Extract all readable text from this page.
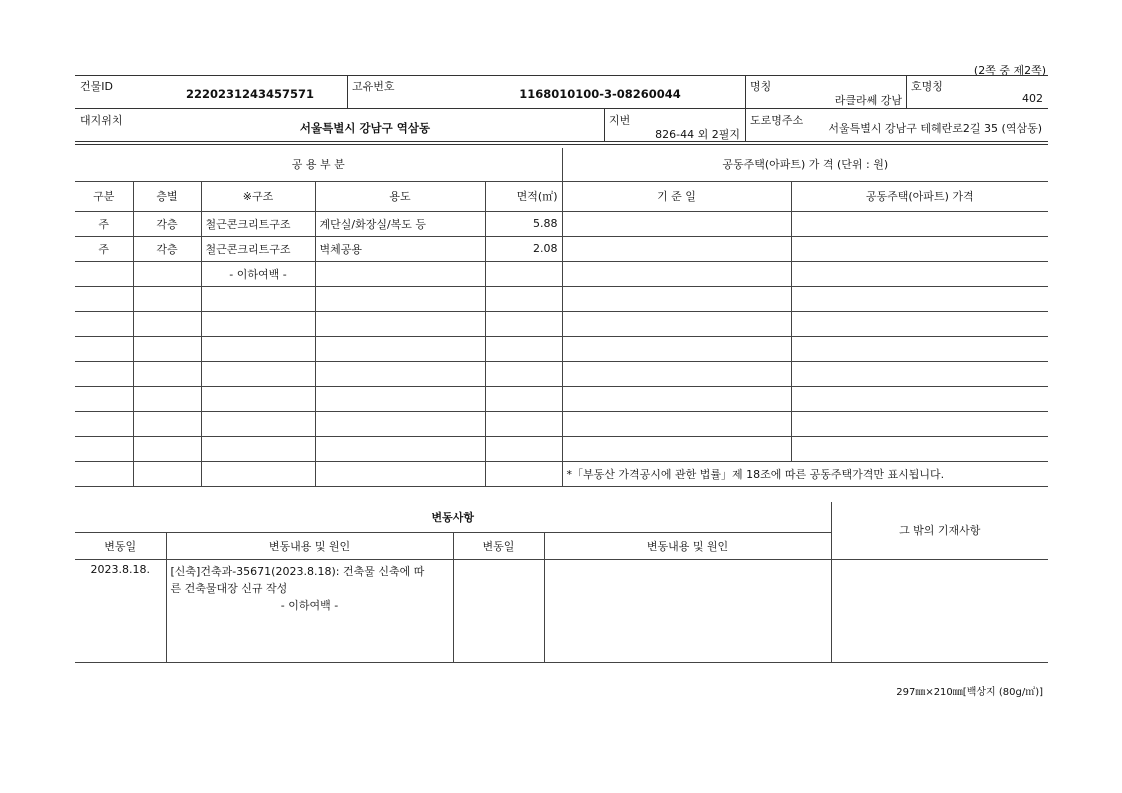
(2쪽 중 제2쪽)
건물ID
2220231243457571
고유번호
1168010100-3-08260044
명칭
라클라쎄 강남
호명칭
402
대지위치
서울특별시 강남구 역삼동
지번
826-44 외 2필지
도로명주소
서울특별시 강남구 테헤란로2길 35 (역삼동)
공 용 부 분					공동주택(아파트) 가 격 (단위 : 원)	
구분	층별	※구조	용도	면적(㎡)	기 준 일	공동주택(아파트) 가격
주	각층	철근콘크리트구조	계단실/화장실/복도 등	5.88		
주	각층	철근콘크리트구조	벽체공용	2.08		
		- 이하여백 -				

					*「부동산 가격공시에 관한 법률」제 18조에 따른 공동주택가격만 표시됩니다.	
변동사항				그 밖의 기재사항
변동일	변동내용 및 원인	변동일	변동내용 및 원인	
2023.8.18.	[신축]건축과-35671(2023.8.18): 건축물 신축에 따
른 건축물대장 신규 작성
- 이하여백 -			

297㎜×210㎜[백상지 (80g/㎡)]
